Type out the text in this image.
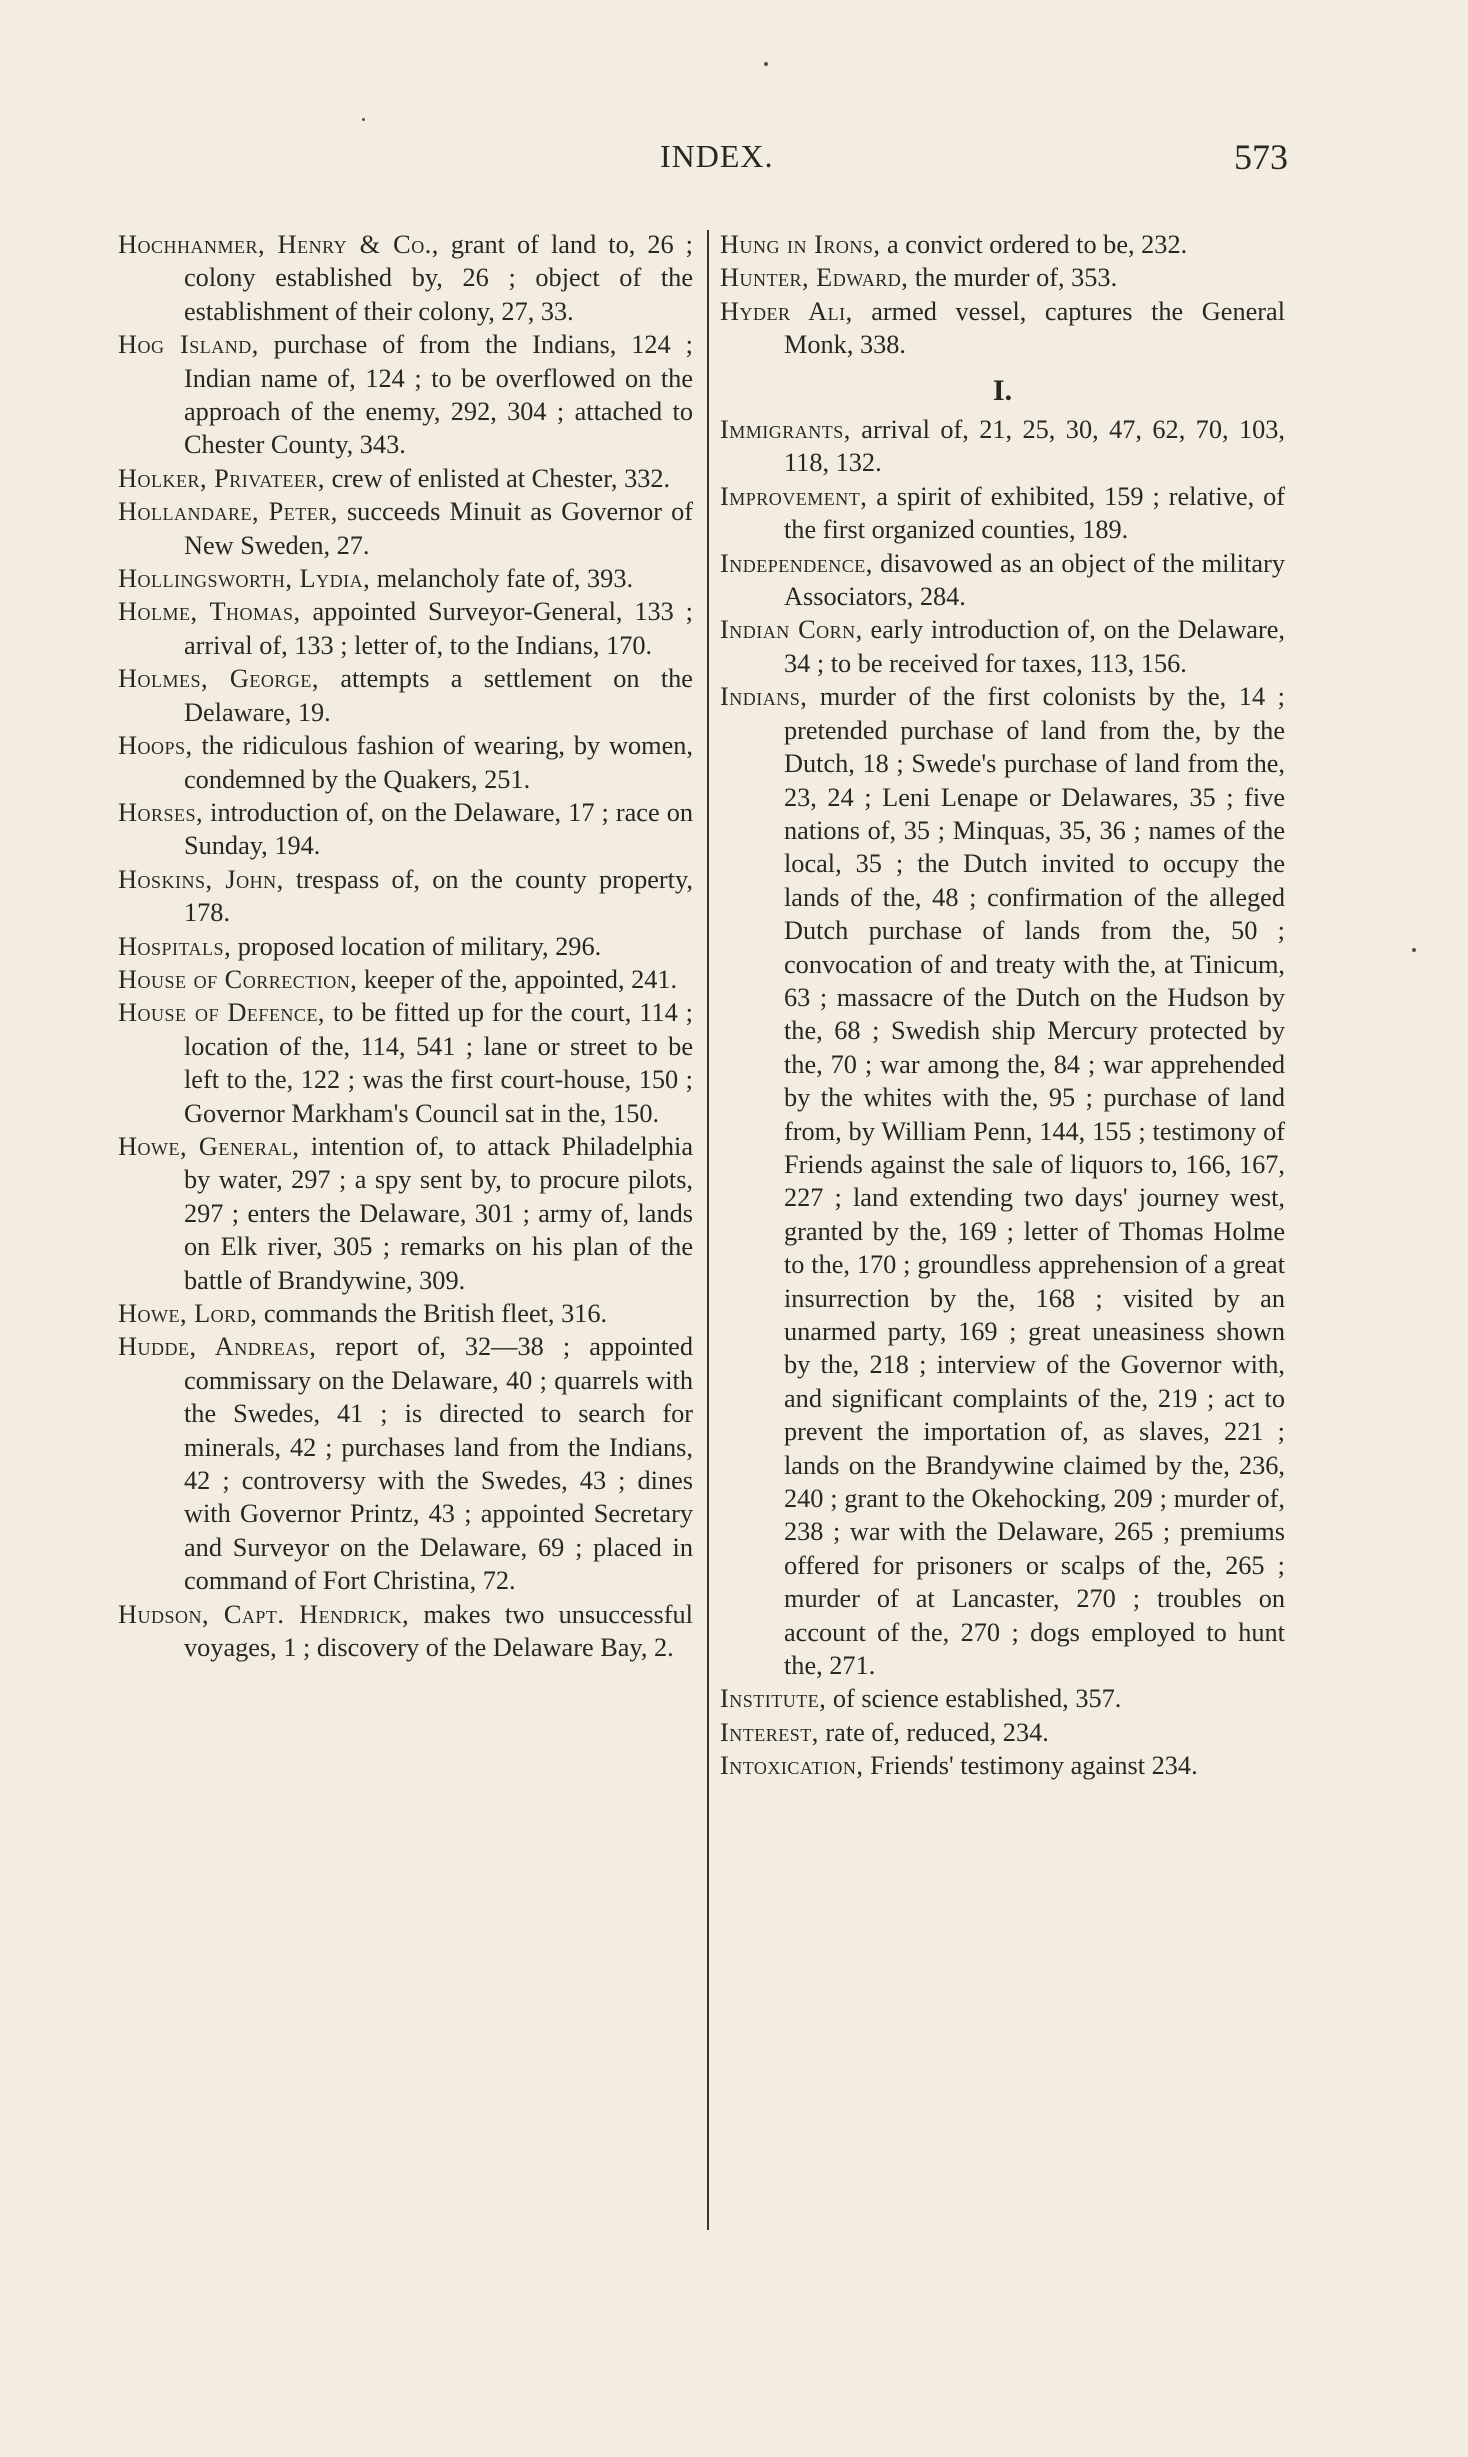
INDEX.	573

Hochhanmer, Henry & Co., grant of land to, 26 ; colony established by, 26 ; object of the establishment of their colony, 27, 33.

Hog Island, purchase of from the Indians, 124 ; Indian name of, 124 ; to be overflowed on the approach of the enemy, 292, 304 ; attached to Chester County, 343.

Holker, Privateer, crew of enlisted at Chester, 332.

Hollandare, Peter, succeeds Minuit as Governor of New Sweden, 27.

Hollingsworth, Lydia, melancholy fate of, 393.

Holme, Thomas, appointed Surveyor-General, 133 ; arrival of, 133 ; letter of, to the Indians, 170.

Holmes, George, attempts a settlement on the Delaware, 19.

Hoops, the ridiculous fashion of wearing, by women, condemned by the Quakers, 251.

Horses, introduction of, on the Delaware, 17 ; race on Sunday, 194.

Hoskins, John, trespass of, on the county property, 178.

Hospitals, proposed location of military, 296.

House of Correction, keeper of the, appointed, 241.

House of Defence, to be fitted up for the court, 114 ; location of the, 114, 541 ; lane or street to be left to the, 122 ; was the first court-house, 150 ; Governor Markham's Council sat in the, 150.

Howe, General, intention of, to attack Philadelphia by water, 297 ; a spy sent by, to procure pilots, 297 ; enters the Delaware, 301 ; army of, lands on Elk river, 305 ; remarks on his plan of the battle of Brandywine, 309.

Howe, Lord, commands the British fleet, 316.

Hudde, Andreas, report of, 32—38 ; appointed commissary on the Delaware, 40 ; quarrels with the Swedes, 41 ; is directed to search for minerals, 42 ; purchases land from the Indians, 42 ; controversy with the Swedes, 43 ; dines with Governor Printz, 43 ; appointed Secretary and Surveyor on the Delaware, 69 ; placed in command of Fort Christina, 72.

Hudson, Capt. Hendrick, makes two unsuccessful voyages, 1 ; discovery of the Delaware Bay, 2.

Hung in Irons, a convict ordered to be, 232.

Hunter, Edward, the murder of, 353.

Hyder Ali, armed vessel, captures the General Monk, 338.

I.

Immigrants, arrival of, 21, 25, 30, 47, 62, 70, 103, 118, 132.

Improvement, a spirit of exhibited, 159 ; relative, of the first organized counties, 189.

Independence, disavowed as an object of the military Associators, 284.

Indian Corn, early introduction of, on the Delaware, 34 ; to be received for taxes, 113, 156.

Indians, murder of the first colonists by the, 14 ; pretended purchase of land from the, by the Dutch, 18 ; Swede's purchase of land from the, 23, 24 ; Leni Lenape or Delawares, 35 ; five nations of, 35 ; Minquas, 35, 36 ; names of the local, 35 ; the Dutch invited to occupy the lands of the, 48 ; confirmation of the alleged Dutch purchase of lands from the, 50 ; convocation of and treaty with the, at Tinicum, 63 ; massacre of the Dutch on the Hudson by the, 68 ; Swedish ship Mercury protected by the, 70 ; war among the, 84 ; war apprehended by the whites with the, 95 ; purchase of land from, by William Penn, 144, 155 ; testimony of Friends against the sale of liquors to, 166, 167, 227 ; land extending two days' journey west, granted by the, 169 ; letter of Thomas Holme to the, 170 ; groundless apprehension of a great insurrection by the, 168 ; visited by an unarmed party, 169 ; great uneasiness shown by the, 218 ; interview of the Governor with, and significant complaints of the, 219 ; act to prevent the importation of, as slaves, 221 ; lands on the Brandywine claimed by the, 236, 240 ; grant to the Okehocking, 209 ; murder of, 238 ; war with the Delaware, 265 ; premiums offered for prisoners or scalps of the, 265 ; murder of at Lancaster, 270 ; troubles on account of the, 270 ; dogs employed to hunt the, 271.

Institute, of science established, 357.

Interest, rate of, reduced, 234.

Intoxication, Friends' testimony against 234.
